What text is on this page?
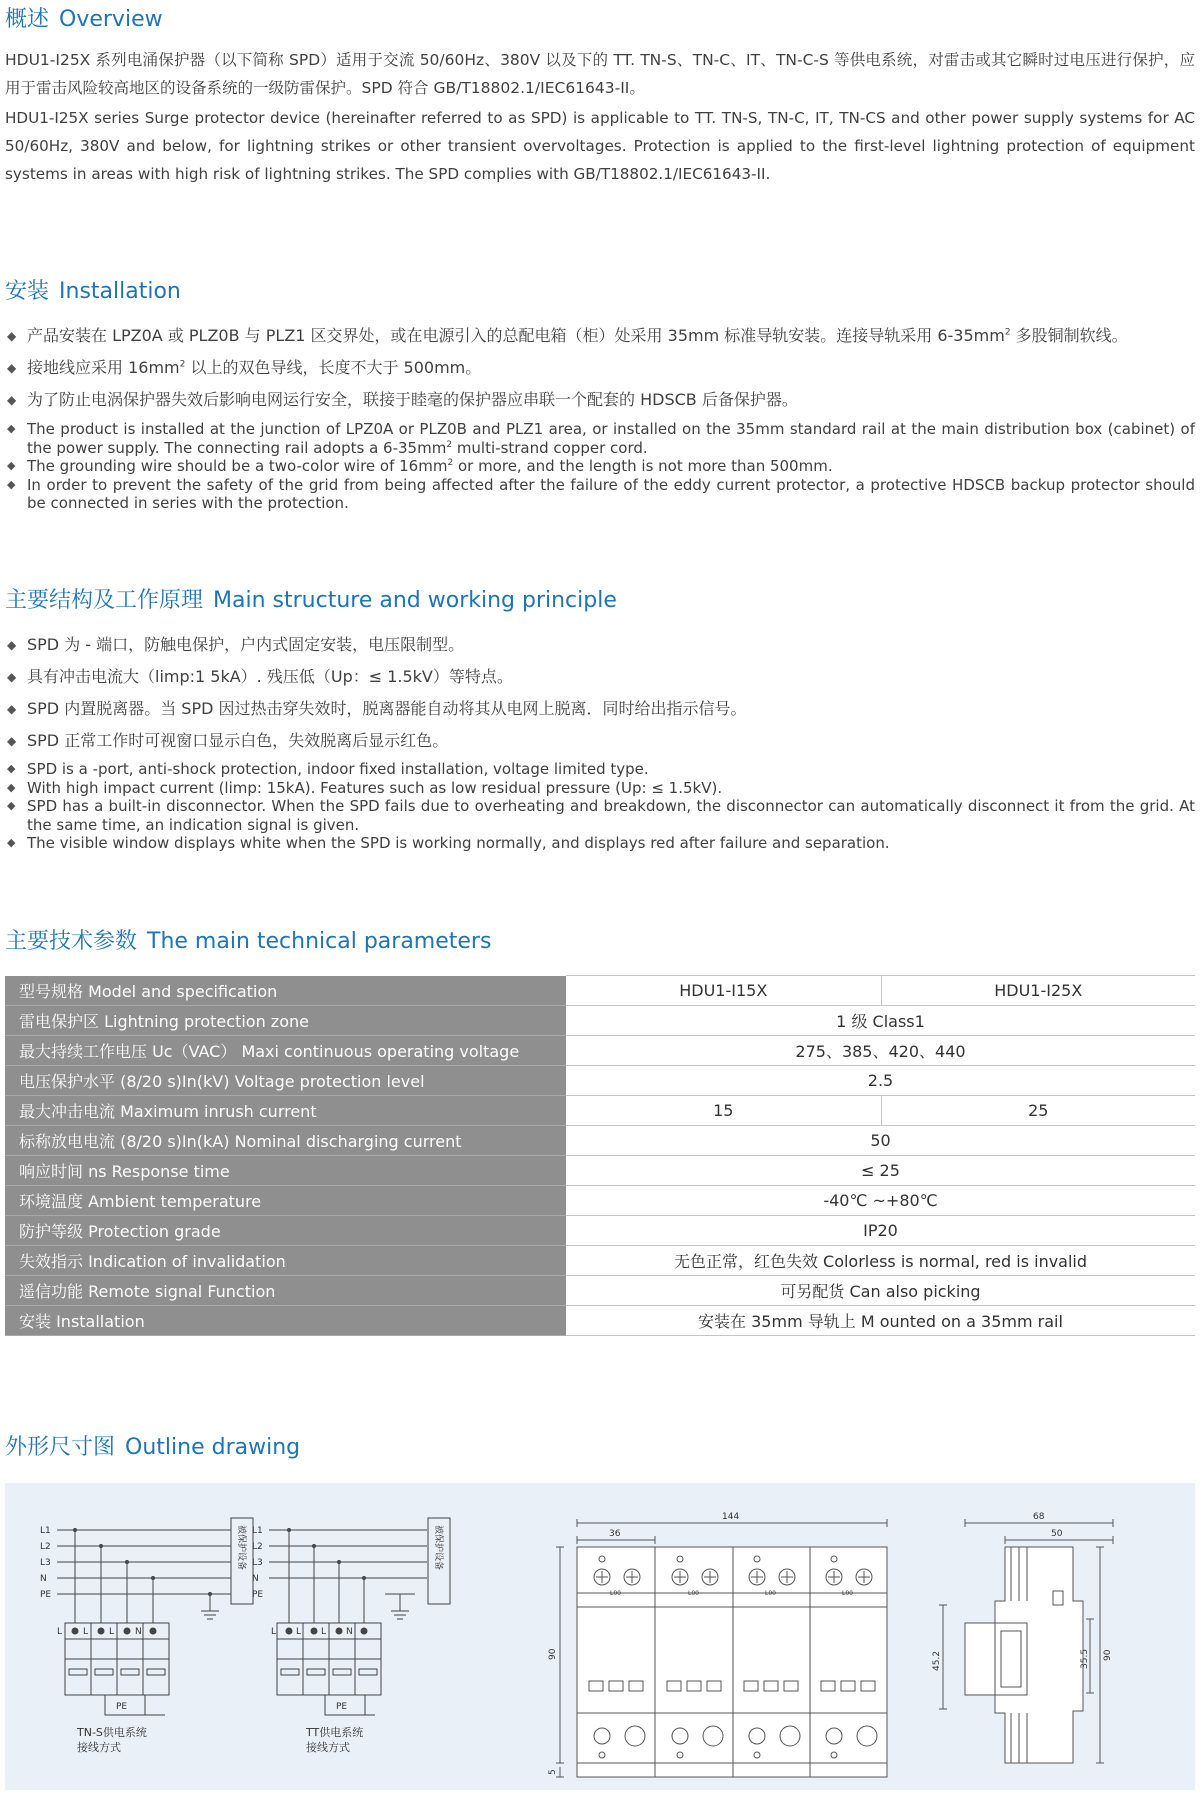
概述 Overview

HDU1-I25X 系列电涌保护器（以下简称 SPD）适用于交流 50/60Hz、380V 以及下的 TT. TN-S、TN-C、IT、TN-C-S 等供电系统，对雷击或其它瞬时过电压进行保护，应用于雷击风险较高地区的设备系统的一级防雷保护。SPD 符合 GB/T18802.1/IEC61643-II。

HDU1-I25X series Surge protector device (hereinafter referred to as SPD) is applicable to TT. TN-S, TN-C, IT, TN-CS and other power supply systems for AC 50/60Hz, 380V and below, for lightning strikes or other transient overvoltages. Protection is applied to the first-level lightning protection of equipment systems in areas with high risk of lightning strikes. The SPD complies with GB/T18802.1/IEC61643-II.

安装 Installation
◆ 产品安装在 LPZ0A 或 PLZ0B 与 PLZ1 区交界处，或在电源引入的总配电箱（柜）处采用 35mm 标准导轨安装。连接导轨采用 $6-35mm^2$ 多股铜制软线。
◆ 接地线应采用 $16mm^2$ 以上的双色导线，长度不大于 500mm。
◆ 为了防止电涡保护器失效后影响电网运行安全，联接于睦毫的保护器应串联一个配套的 HDSCB 后备保护器。
◆ The product is installed at the junction of LPZ0A or PLZ0B and PLZ1 area, or installed on the 35mm standard rail at the main distribution box (cabinet) of the power supply. The connecting rail adopts a $6-35mm^2$ multi-strand copper cord.
◆ The grounding wire should be a two-color wire of $16mm^2$ or more, and the length is not more than 500mm.
◆ In order to prevent the safety of the grid from being affected after the failure of the eddy current protector, a protective HDSCB backup protector should be connected in series with the protection.
主要结构及工作原理 Main structure and working principle
◆ SPD 为 - 端口，防触电保护，户内式固定安装，电压限制型。
◆ 具有冲击电流大（limp:1 5kA）. 残压低（Up：≤ 1.5kV）等特点。
◆ SPD 内置脱离器。当 SPD 因过热击穿失效时，脱离器能自动将其从电网上脱离．同时给出指示信号。
◆ SPD 正常工作时可视窗口显示白色，失效脱离后显示红色。
◆ SPD is a -port, anti-shock protection, indoor fixed installation, voltage limited type.
◆ With high impact current (limp: 15kA). Features such as low residual pressure (Up: ≤ 1.5kV).
◆ SPD has a built-in disconnector. When the SPD fails due to overheating and breakdown, the disconnector can automatically disconnect it from the grid. At the same time, an indication signal is given.
◆ The visible window displays white when the SPD is working normally, and displays red after failure and separation.
主要技术参数 The main technical parameters
型号规格 Model and specification	HDU1-I15X	HDU1-I25X
雷电保护区 Lightning protection zone	1 级 Class1	
最大持续工作电压 Uc（VAC） Maxi continuous operating voltage	275、385、420、440	
电压保护水平 (8/20 s)In(kV) Voltage protection level	2.5	
最大冲击电流 Maximum inrush current	15	25
标称放电电流 (8/20 s)In(kA) Nominal discharging current	50	
响应时间 ns Response time	≤ 25	
环境温度 Ambient temperature	-40℃ ~+80℃	
防护等级 Protection grade	IP20	
失效指示 Indication of invalidation	无色正常，红色失效 Colorless is normal, red is invalid	
遥信功能 Remote signal Function	可另配货 Can also picking	
安装 Installation	安装在 35mm 导轨上 M ounted on a 35mm rail	
外形尺寸图 Outline drawing
L1
L2
L3
N
PE
L L L N
PE
被保护设备
TN-S供电系统
接线方式
L1
L2
L3
N
PE
L L L N
PE
被保护设备
TT供电系统
接线方式
144
36
90
5
L00	L00	L00	L00
68
50
45.2	35.5 90
